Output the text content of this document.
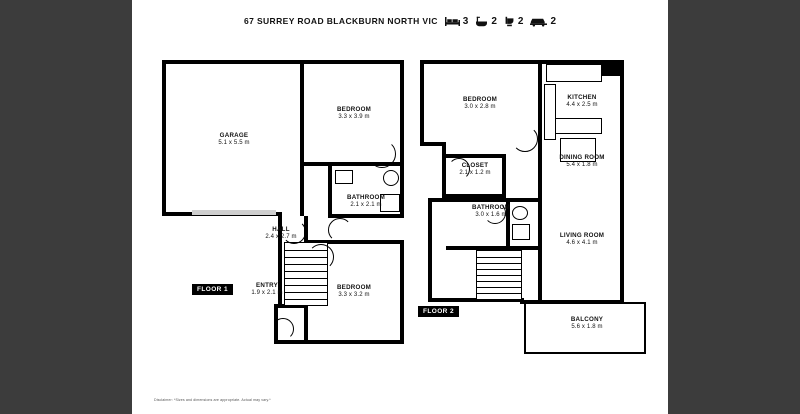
67 SURREY ROAD BLACKBURN NORTH VIC	3 2 2	2
GARAGE
5.1 x 5.5 m
BEDROOM
3.3 x 3.9 m
BATHROOM
2.1 x 2.1 m
HALL
2.4 x 2.7 m
ENTRY
1.9 x 2.1 m
BEDROOM
3.3 x 3.2 m
FLOOR 1
BEDROOM
3.0 x 2.8 m
CLOSET
2.1 x 1.2 m
BATHROOM
3.0 x 1.6 m
KITCHEN
4.4 x 2.5 m
DINING ROOM
5.4 x 1.8 m
LIVING ROOM
4.6 x 4.1 m
BALCONY
5.6 x 1.8 m
FLOOR 2
Disclaimer: *Sizes and dimensions are appropriate. Actual may vary.*
